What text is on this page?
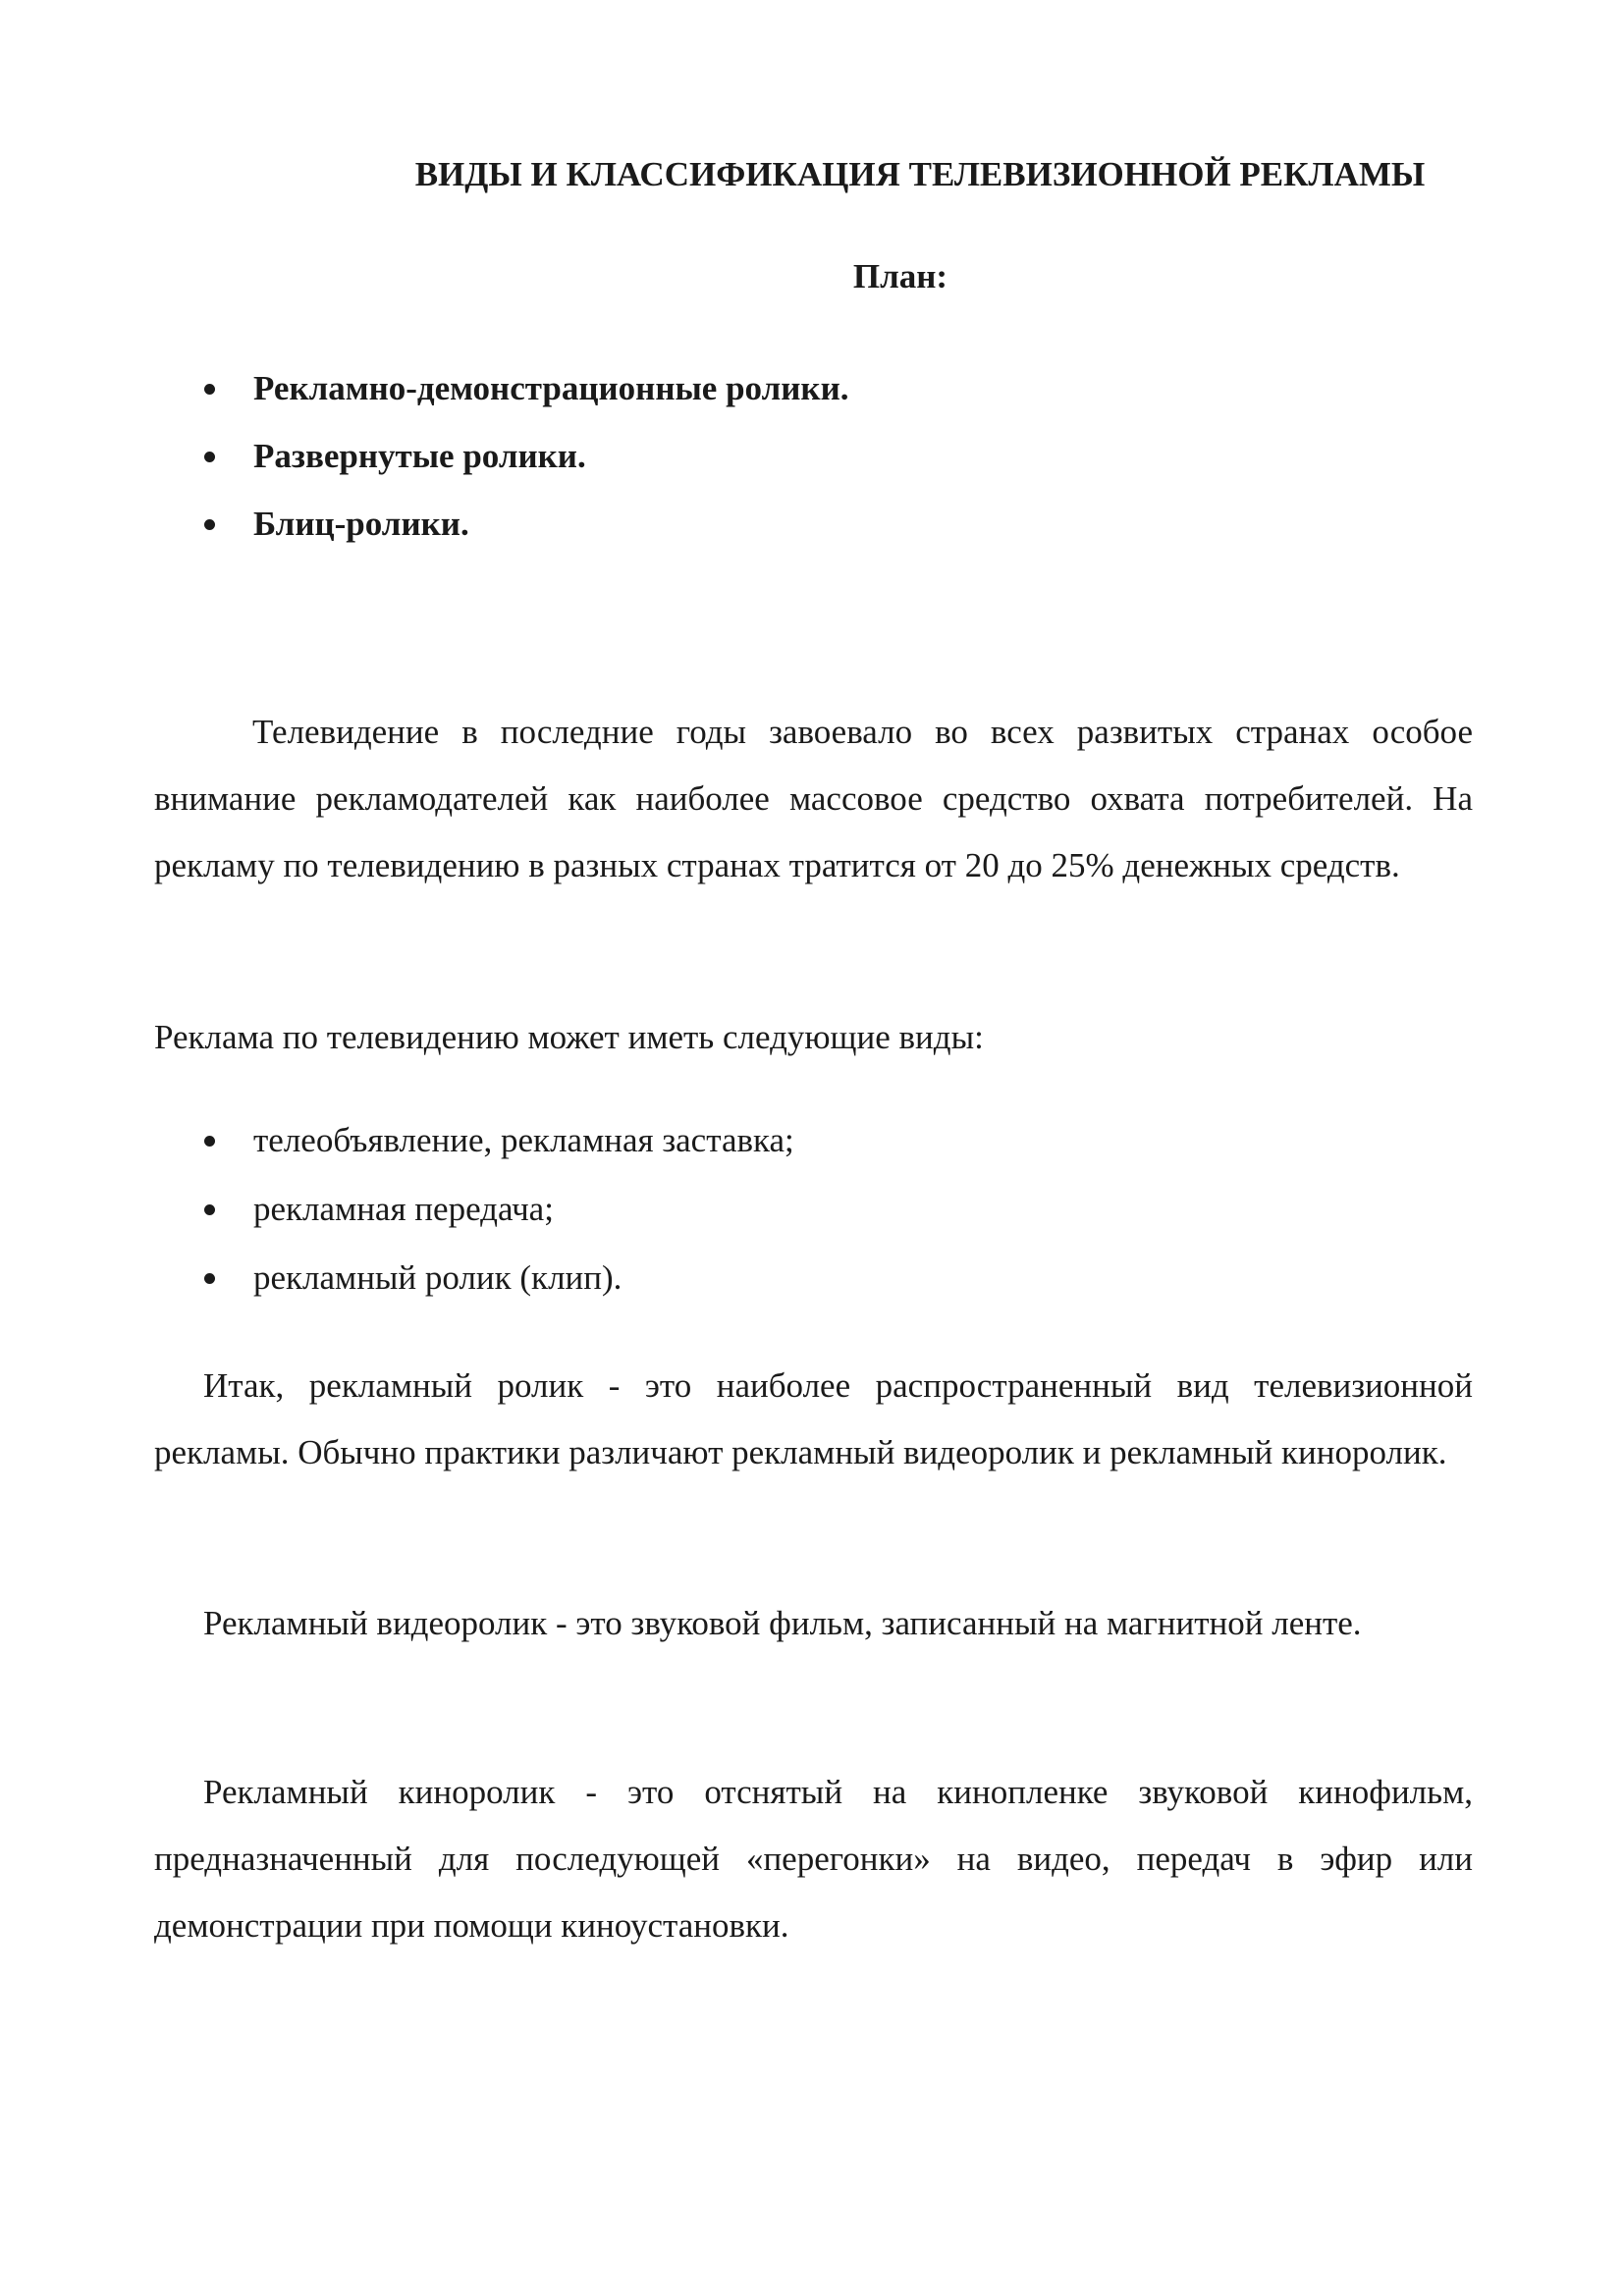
ВИДЫ И КЛАССИФИКАЦИЯ ТЕЛЕВИЗИОННОЙ РЕКЛАМЫ
План:
Рекламно-демонстрационные ролики.
Развернутые ролики.
Блиц-ролики.

Телевидение в последние годы завоевало во всех развитых странах особое внимание рекламодателей как наиболее массовое средство охвата потребителей. На рекламу по телевидению в разных странах тратится от 20 до 25% денежных средств.

Реклама по телевидению может иметь следующие виды:

телеобъявление, рекламная заставка;
рекламная передача;
рекламный ролик (клип).

Итак, рекламный ролик - это наиболее распространенный вид телевизионной рекламы. Обычно практики различают рекламный видеоролик и рекламный киноролик.

Рекламный видеоролик - это звуковой фильм, записанный на магнитной ленте.

Рекламный киноролик - это отснятый на кинопленке звуковой кинофильм, предназначенный для последующей «перегонки» на видео, передач в эфир или демонстрации при помощи киноустановки.
